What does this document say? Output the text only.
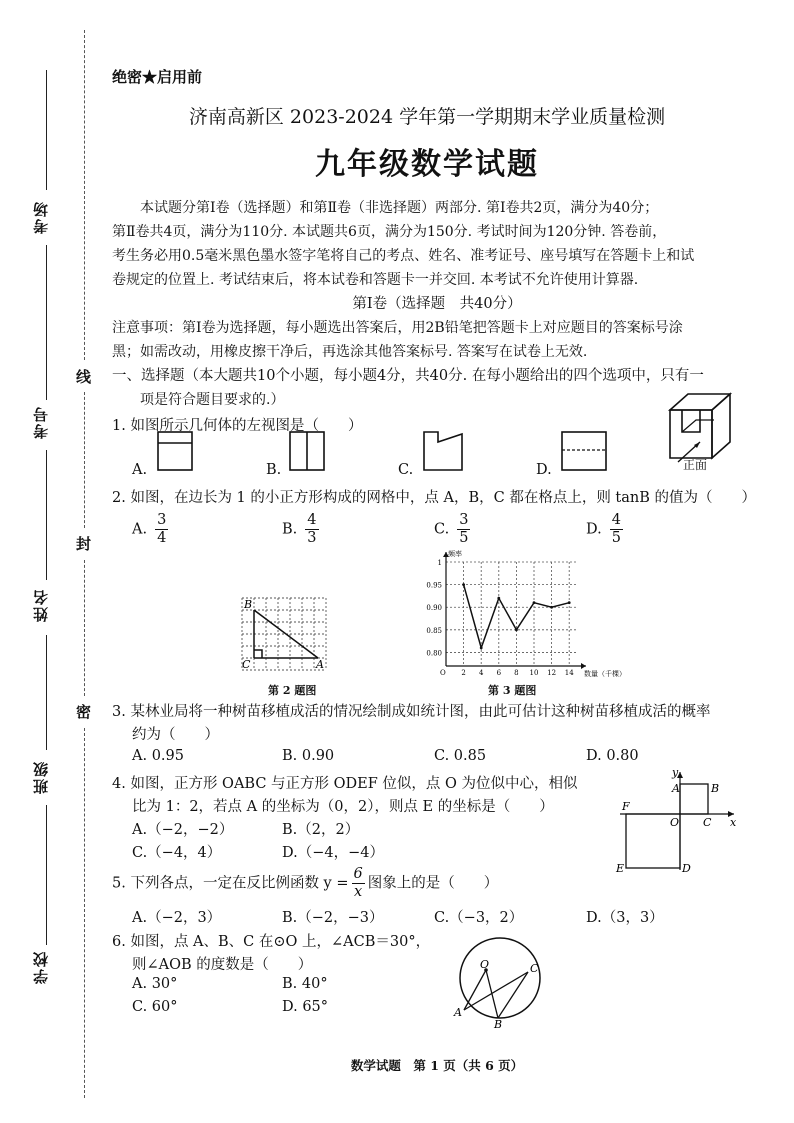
考场
考号
姓名
班级
学校
线
封
密
绝密★启用前
济南高新区 2023-2024 学年第一学期期末学业质量检测
九年级数学试题
本试题分第Ⅰ卷（选择题）和第Ⅱ卷（非选择题）两部分. 第Ⅰ卷共2页，满分为40分；
第Ⅱ卷共4页，满分为110分. 本试题共6页，满分为150分. 考试时间为120分钟. 答卷前，
考生务必用0.5毫米黑色墨水签字笔将自己的考点、姓名、准考证号、座号填写在答题卡上和试
卷规定的位置上. 考试结束后，将本试卷和答题卡一并交回. 本考试不允许使用计算器.
第Ⅰ卷（选择题　共40分）
注意事项：第Ⅰ卷为选择题，每小题选出答案后，用2B铅笔把答题卡上对应题目的答案标号涂
黑；如需改动，用橡皮擦干净后，再选涂其他答案标号. 答案写在试卷上无效.
一、选择题（本大题共10个小题，每小题4分，共40分. 在每小题给出的四个选项中，只有一
项是符合题目要求的.）
1. 如图所示几何体的左视图是（　　）
正面
A.	B.	C.	D.
2. 如图，在边长为 1 的小正方形构成的网格中，点 A，B，C 都在格点上，则 tanB 的值为（　　）
A. $\frac{3}{4}$	B. $\frac{4}{3}$	C. $\frac{3}{5}$	D. $\frac{4}{5}$
B
C	A
第 2 题图
0.80
0.85
0.90
0.95
1
2 4 6 8 10 12 14
频率
数量（千棵）
O
第 3 题图
3. 某林业局将一种树苗移植成活的情况绘制成如统计图，由此可估计这种树苗移植成活的概率
约为（　　）
A. 0.95	B. 0.90	C. 0.85	D. 0.80
4. 如图，正方形 OABC 与正方形 ODEF 位似，点 O 为位似中心，相似
比为 1：2，若点 A 的坐标为（0，2），则点 E 的坐标是（　　）
A.（−2，−2）	B.（2，2）
C.（−4，4）	D.（−4，−4）
y
A	B
O C x
F
E	D
5. 下列各点，一定在反比例函数 $y = \frac{6}{x}$ 图象上的是（　　）
A.（−2，3）	B.（−2，−3）	C.（−3，2）	D.（3，3）
6. 如图，点 A、B、C 在⊙O 上，∠ACB＝30°，
则∠AOB 的度数是（　　）
A. 30°	B. 40°
C. 60°	D. 65°
O
A
B
C
数学试题　第 1 页（共 6 页）
